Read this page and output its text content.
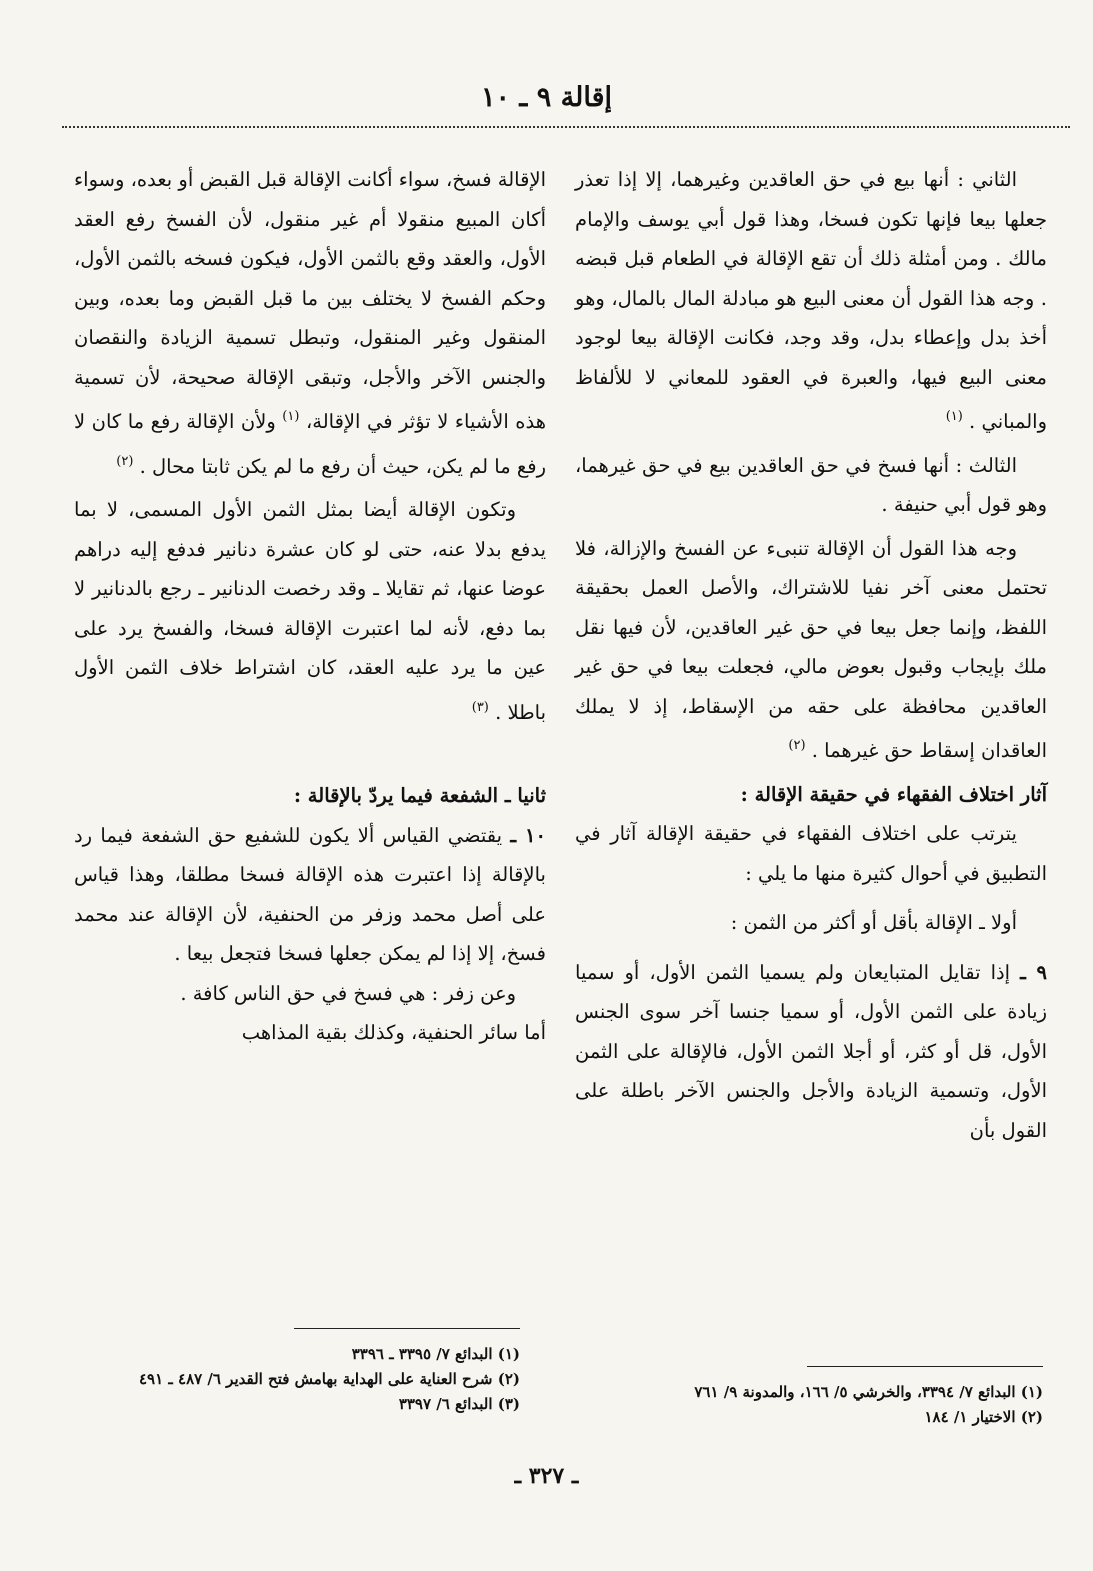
إقالة ٩ ـ ١٠

الثاني : أنها بيع في حق العاقدين وغيرهما، إلا إذا تعذر جعلها بيعا فإنها تكون فسخا، وهذا قول أبي يوسف والإمام مالك . ومن أمثلة ذلك أن تقع الإقالة في الطعام قبل قبضه . وجه هذا القول أن معنى البيع هو مبادلة المال بالمال، وهو أخذ بدل وإعطاء بدل، وقد وجد، فكانت الإقالة بيعا لوجود معنى البيع فيها، والعبرة في العقود للمعاني لا للألفاظ والمباني . $^{(١)}$

الثالث : أنها فسخ في حق العاقدين بيع في حق غيرهما، وهو قول أبي حنيفة .

وجه هذا القول أن الإقالة تنبىء عن الفسخ والإزالة، فلا تحتمل معنى آخر نفيا للاشتراك، والأصل العمل بحقيقة اللفظ، وإنما جعل بيعا في حق غير العاقدين، لأن فيها نقل ملك بإيجاب وقبول بعوض مالي، فجعلت بيعا في حق غير العاقدين محافظة على حقه من الإسقاط، إذ لا يملك العاقدان إسقاط حق غيرهما . $^{(٢)}$

آثار اختلاف الفقهاء في حقيقة الإقالة :

يترتب على اختلاف الفقهاء في حقيقة الإقالة آثار في التطبيق في أحوال كثيرة منها ما يلي :

أولا ـ الإقالة بأقل أو أكثر من الثمن :

٩ ـ إذا تقايل المتبايعان ولم يسميا الثمن الأول، أو سميا زيادة على الثمن الأول، أو سميا جنسا آخر سوى الجنس الأول، قل أو كثر، أو أجلا الثمن الأول، فالإقالة على الثمن الأول، وتسمية الزيادة والأجل والجنس الآخر باطلة على القول بأن

الإقالة فسخ، سواء أكانت الإقالة قبل القبض أو بعده، وسواء أكان المبيع منقولا أم غير منقول، لأن الفسخ رفع العقد الأول، والعقد وقع بالثمن الأول، فيكون فسخه بالثمن الأول، وحكم الفسخ لا يختلف بين ما قبل القبض وما بعده، وبين المنقول وغير المنقول، وتبطل تسمية الزيادة والنقصان والجنس الآخر والأجل، وتبقى الإقالة صحيحة، لأن تسمية هذه الأشياء لا تؤثر في الإقالة، $^{(١)}$ ولأن الإقالة رفع ما كان لا رفع ما لم يكن، حيث أن رفع ما لم يكن ثابتا محال . $^{(٢)}$

وتكون الإقالة أيضا بمثل الثمن الأول المسمى، لا بما يدفع بدلا عنه، حتى لو كان عشرة دنانير فدفع إليه دراهم عوضا عنها، ثم تقايلا ـ وقد رخصت الدنانير ـ رجع بالدنانير لا بما دفع، لأنه لما اعتبرت الإقالة فسخا، والفسخ يرد على عين ما يرد عليه العقد، كان اشتراط خلاف الثمن الأول باطلا . $^{(٣)}$

ثانيا ـ الشفعة فيما يردّ بالإقالة :

١٠ ـ يقتضي القياس ألا يكون للشفيع حق الشفعة فيما رد بالإقالة إذا اعتبرت هذه الإقالة فسخا مطلقا، وهذا قياس على أصل محمد وزفر من الحنفية، لأن الإقالة عند محمد فسخ، إلا إذا لم يمكن جعلها فسخا فتجعل بيعا .

وعن زفر : هي فسخ في حق الناس كافة .

أما سائر الحنفية، وكذلك بقية المذاهب

(١) البدائع ٧/ ٣٣٩٤، والخرشي ٥/ ١٦٦، والمدونة ٩/ ٧٦١

(٢) الاختيار ١/ ١٨٤

(١) البدائع ٧/ ٣٣٩٥ ـ ٣٣٩٦

(٢) شرح العناية على الهداية بهامش فتح القدير ٦/ ٤٨٧ ـ ٤٩١

(٣) البدائع ٦/ ٣٣٩٧

ـ ٣٢٧ ـ
